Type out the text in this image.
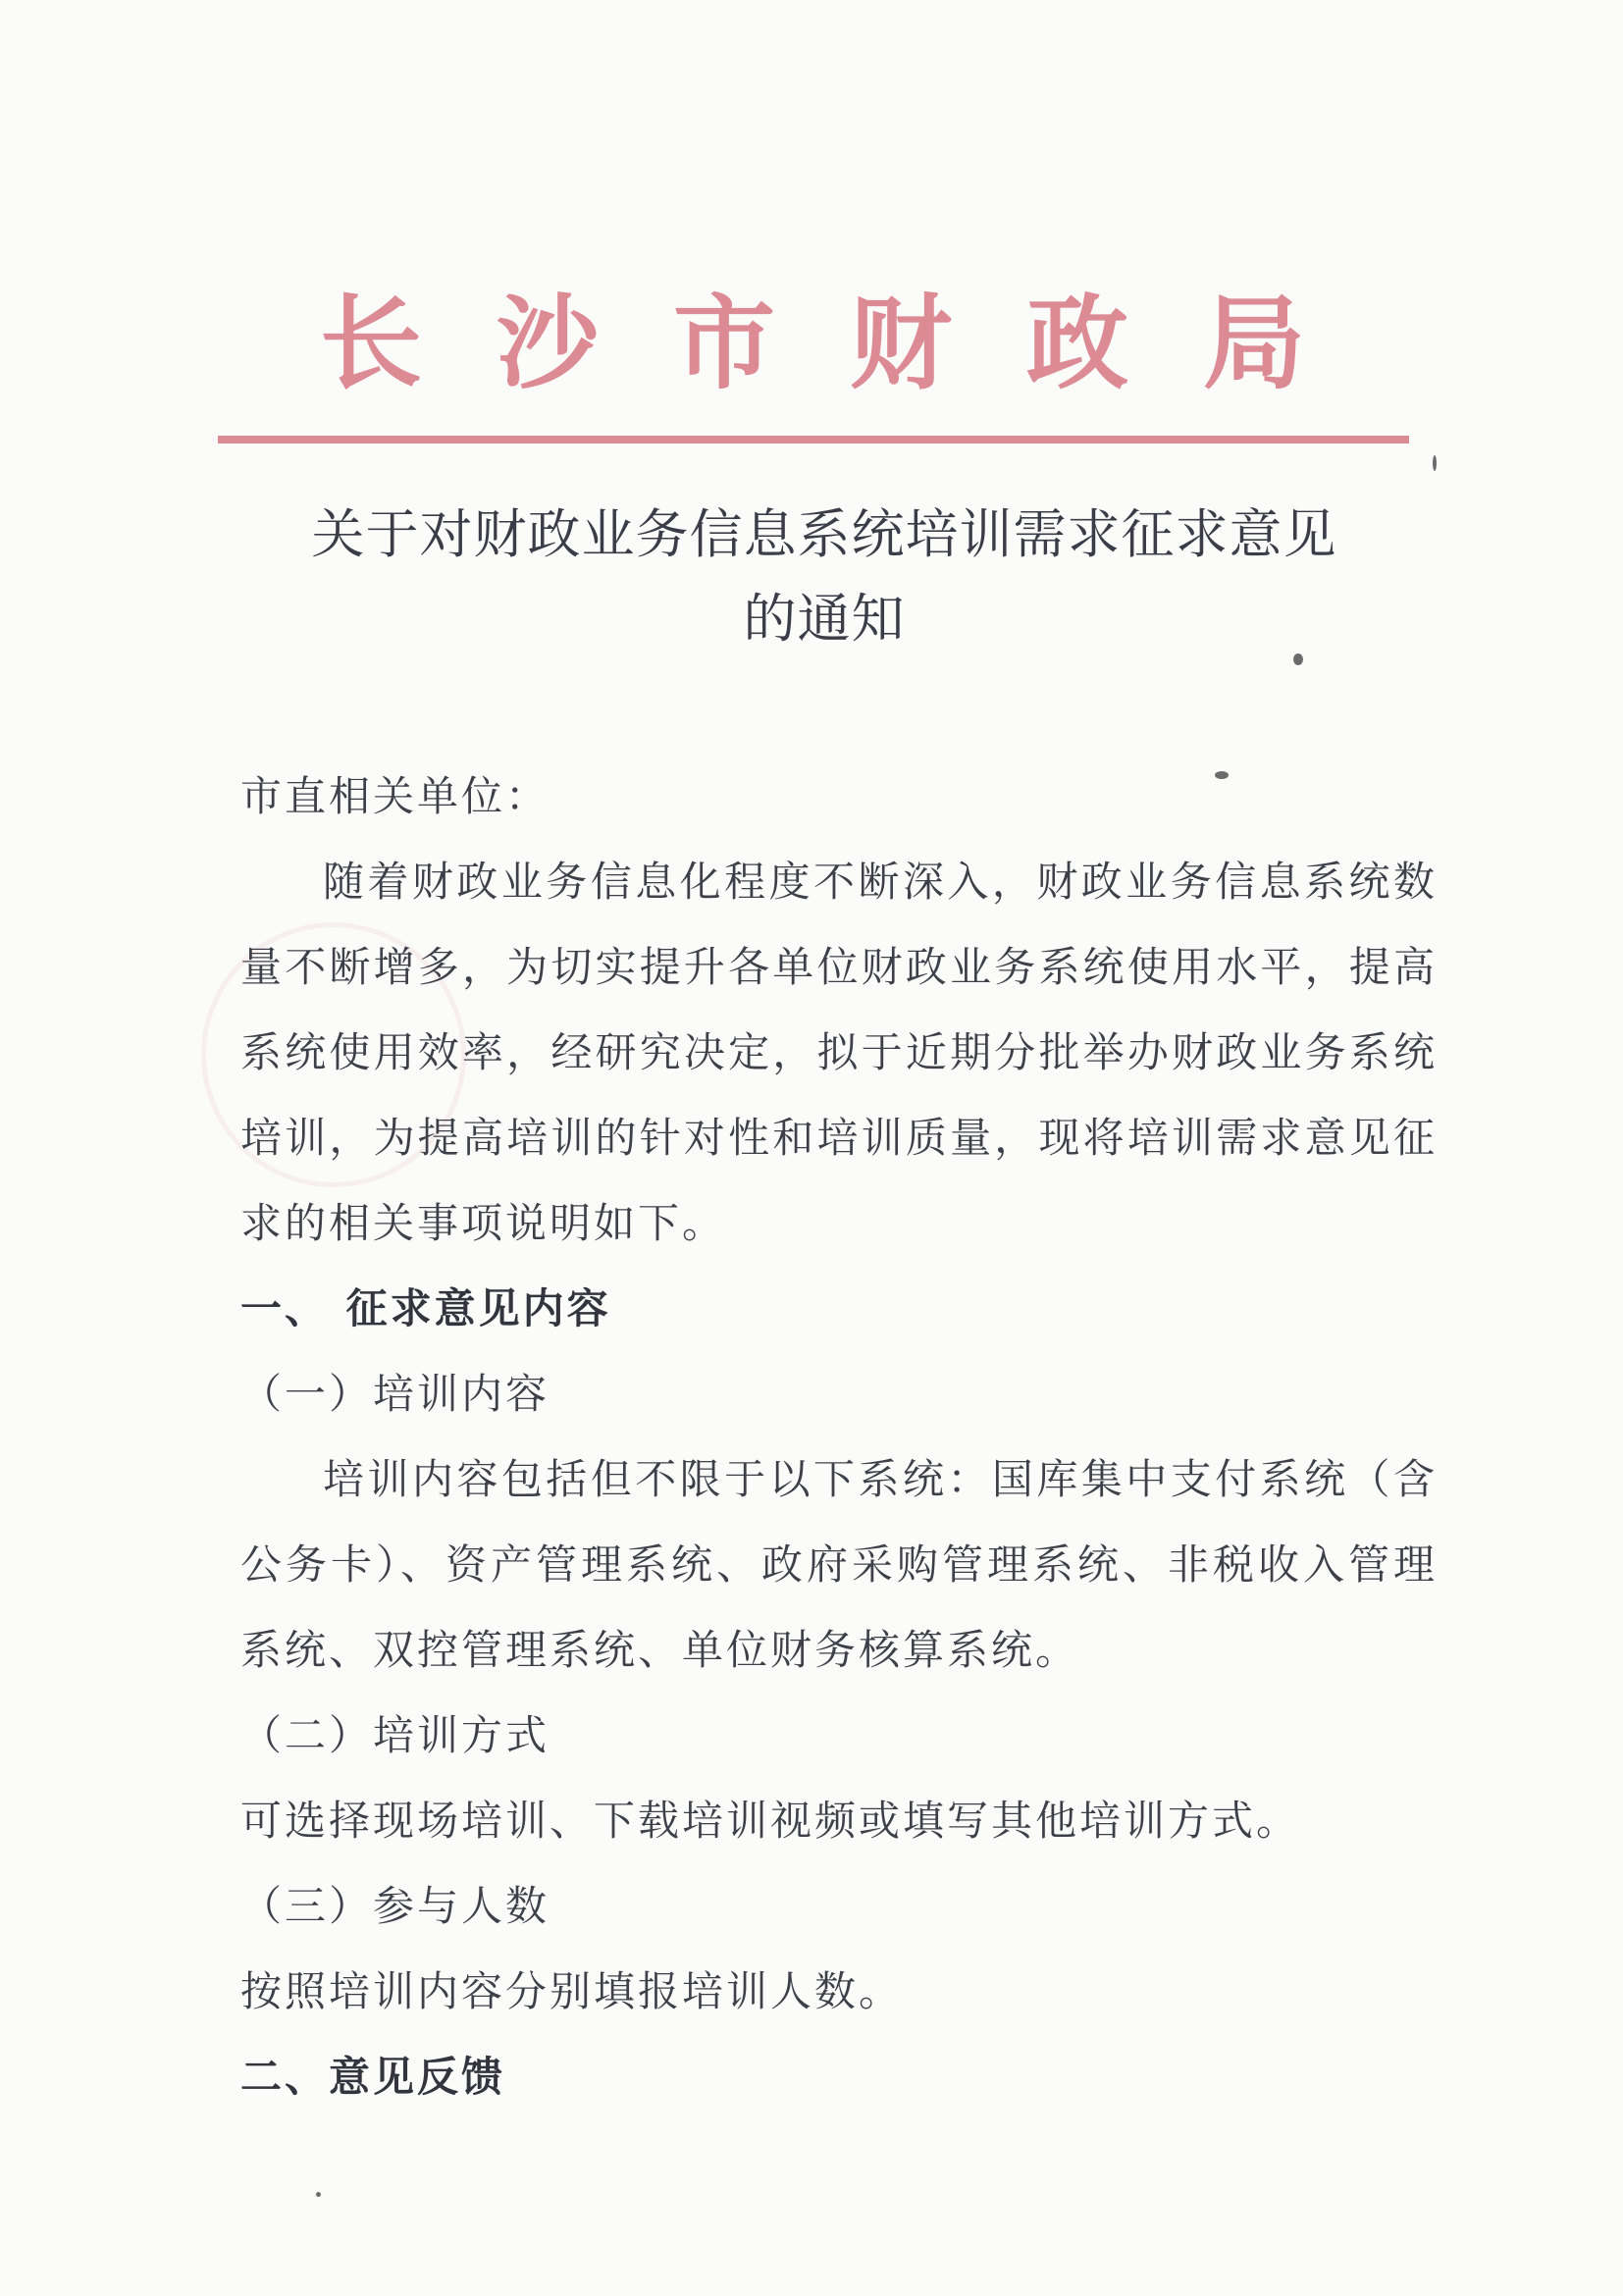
长 沙 市 财 政 局
关于对财政业务信息系统培训需求征求意见
的通知

市直相关单位：

随着财政业务信息化程度不断深入，财政业务信息系统数量不断增多，为切实提升各单位财政业务系统使用水平，提高系统使用效率，经研究决定，拟于近期分批举办财政业务系统培训，为提高培训的针对性和培训质量，现将培训需求意见征求的相关事项说明如下。

一、 征求意见内容

（一）培训内容

培训内容包括但不限于以下系统：国库集中支付系统（含公务卡）、资产管理系统、政府采购管理系统、非税收入管理系统、双控管理系统、单位财务核算系统。

（二）培训方式

可选择现场培训、下载培训视频或填写其他培训方式。

（三）参与人数

按照培训内容分别填报培训人数。

二、意见反馈
